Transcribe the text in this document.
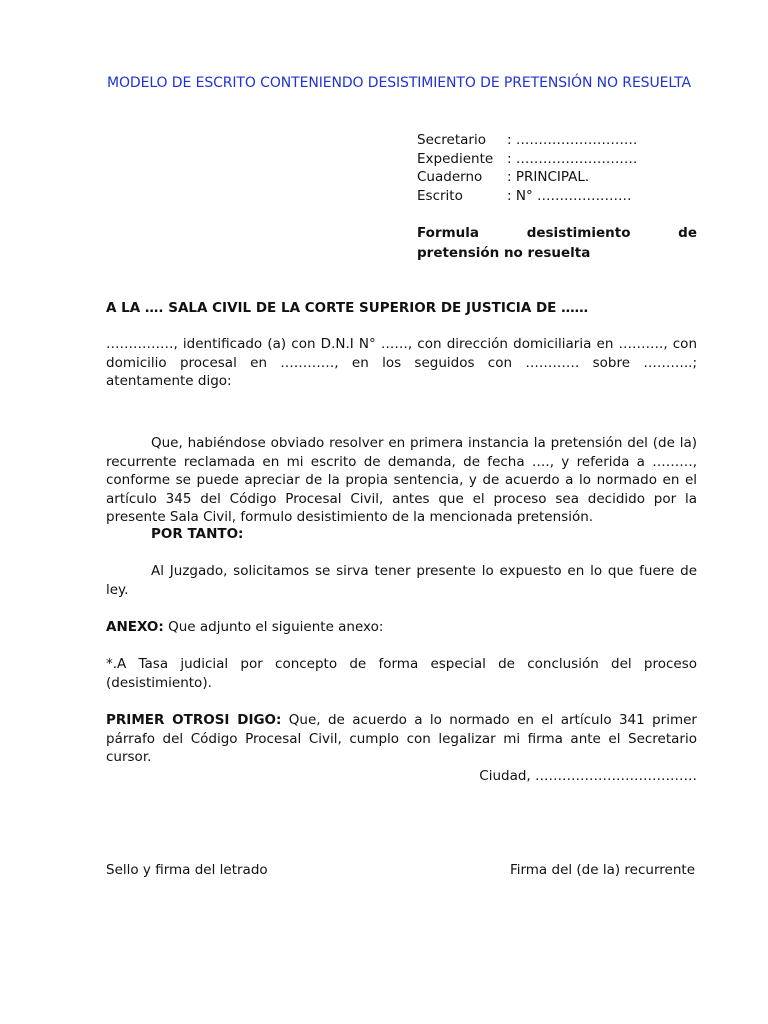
MODELO DE ESCRITO CONTENIENDO DESISTIMIENTO DE PRETENSIÓN NO RESUELTA
Secretario	: ………………………
Expediente	: ………………………
Cuaderno	: PRINCIPAL.
Escrito	: N° …………………
Formula desistimiento de
pretensión no resuelta
A LA …. SALA CIVIL DE LA CORTE SUPERIOR DE JUSTICIA DE ……
……………, identificado (a) con D.N.I N° ……, con dirección domiciliaria en ………., con domicilio procesal en …………, en los seguidos con ………… sobre ………..; atentamente digo:
Que, habiéndose obviado resolver en primera instancia la pretensión del (de la) recurrente reclamada en mi escrito de demanda, de fecha …., y referida a ………, conforme se puede apreciar de la propia sentencia, y de acuerdo a lo normado en el artículo 345 del Código Procesal Civil, antes que el proceso sea decidido por la presente Sala Civil, formulo desistimiento de la mencionada pretensión.
POR TANTO:
Al Juzgado, solicitamos se sirva tener presente lo expuesto en lo que fuere de ley.
ANEXO: Que adjunto el siguiente anexo:
*.A Tasa judicial por concepto de forma especial de conclusión del proceso (desistimiento).
PRIMER OTROSI DIGO: Que, de acuerdo a lo normado en el artículo 341 primer párrafo del Código Procesal Civil, cumplo con legalizar mi firma ante el Secretario cursor.
Ciudad, ………………………………
Sello y firma del letrado	Firma del (de la) recurrente
